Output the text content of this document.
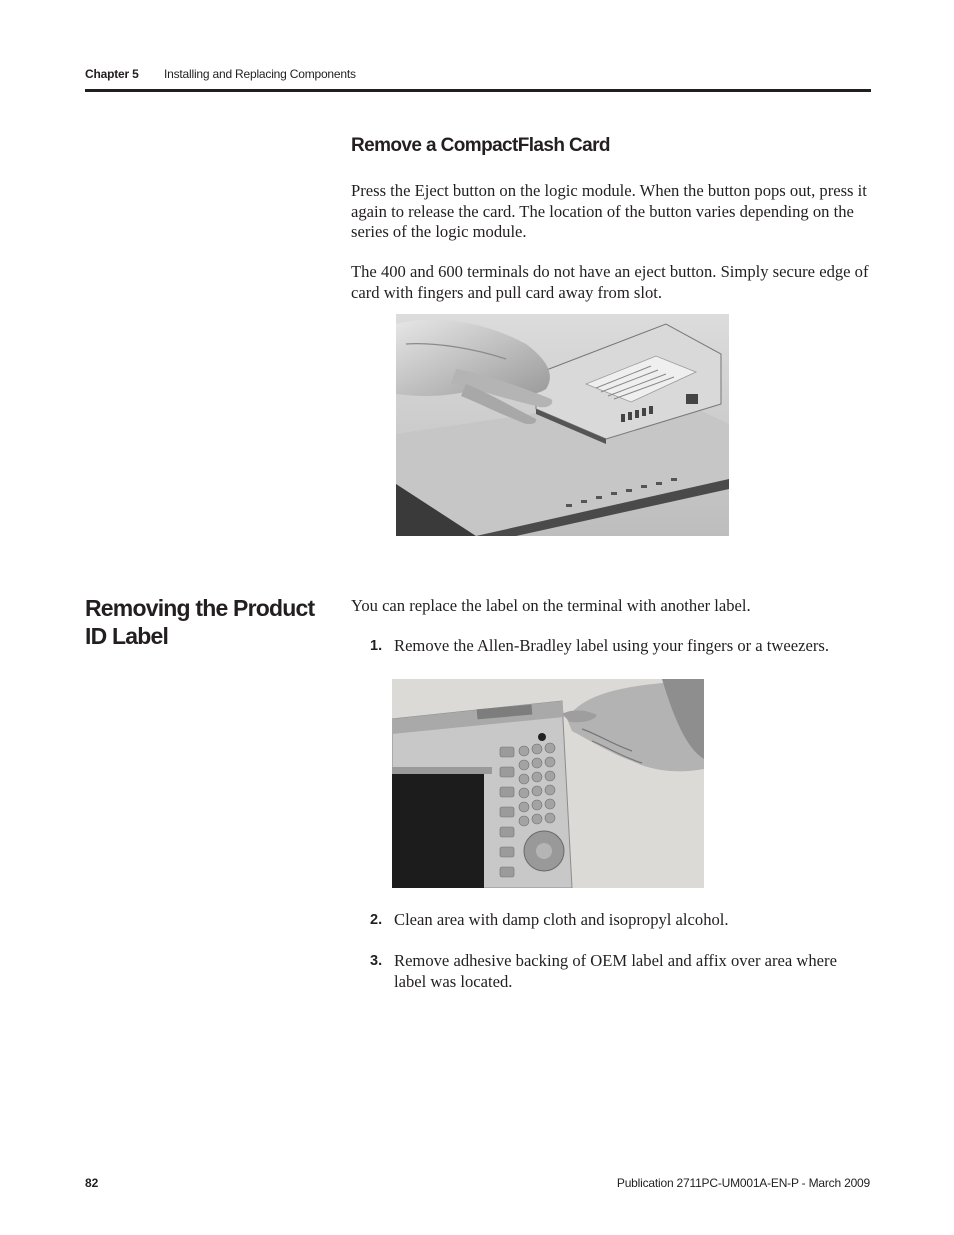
Chapter 5 Installing and Replacing Components
Remove a CompactFlash Card
Press the Eject button on the logic module. When the button pops out, press it again to release the card. The location of the button varies depending on the series of the logic module.
The 400 and 600 terminals do not have an eject button. Simply secure edge of card with fingers and pull card away from slot.
Removing the Product ID Label
You can replace the label on the terminal with another label.
1. Remove the Allen-Bradley label using your fingers or a tweezers.
2. Clean area with damp cloth and isopropyl alcohol.
3. Remove adhesive backing of OEM label and affix over area where label was located.
82	Publication 2711PC-UM001A-EN-P - March 2009
